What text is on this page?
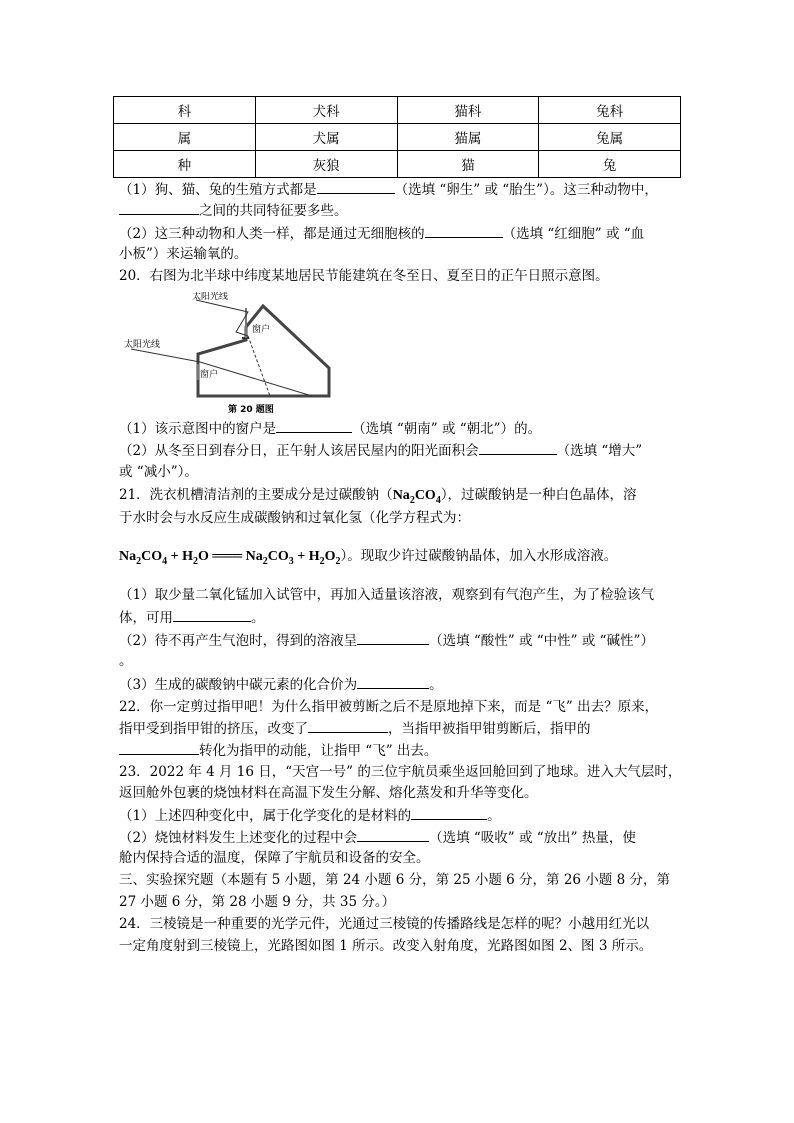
科	犬科	猫科	兔科
属	犬属	猫属	兔属
种	灰狼	猫	兔
（1）狗、猫、兔的生殖方式都是	（选填 “卵生” 或 “胎生”）。这三种动物中，
之间的共同特征要多些。
（2）这三种动物和人类一样，都是通过无细胞核的	（选填 “红细胞” 或 “血
小板”）来运输氧的。
20．右图为北半球中纬度某地居民节能建筑在冬至日、夏至日的正午日照示意图。
太阳光线
太阳光线
窗户
窗户
第 20 题图
（1）该示意图中的窗户是	（选填 “朝南” 或 “朝北”）的。
（2）从冬至日到春分日，正午射人该居民屋内的阳光面积会	（选填 “增大”
或 “减小”）。
21．洗衣机槽清洁剂的主要成分是过碳酸钠$(Na_2CO_4)$，过碳酸钠是一种白色晶体，溶
于水时会与水反应生成碳酸钠和过氧化氢（化学方程式为：
$Na_2CO_4 + H_2O$ ═══ $Na_2CO_3 + H_2O_2$）。现取少许过碳酸钠晶体，加入水形成溶液。
（1）取少量二氧化锰加入试管中，再加入适量该溶液，观察到有气泡产生，为了检验该气
体，可用	。
（2）待不再产生气泡时，得到的溶液呈	（选填 “酸性” 或 “中性” 或 “碱性”）
。
（3）生成的碳酸钠中碳元素的化合价为	。
22．你一定剪过指甲吧！为什么指甲被剪断之后不是原地掉下来，而是 “飞” 出去？原来，
指甲受到指甲钳的挤压，改变了	，当指甲被指甲钳剪断后，指甲的
转化为指甲的动能，让指甲 “飞” 出去。
23．2022 年 4 月 16 日，“天宫一号” 的三位宇航员乘坐返回舱回到了地球。进入大气层时，
返回舱外包裹的烧蚀材料在高温下发生分解、熔化蒸发和升华等变化。
（1）上述四种变化中，属于化学变化的是材料的	。
（2）烧蚀材料发生上述变化的过程中会	（选填 “吸收” 或 “放出” 热量，使
舱内保持合适的温度，保障了宇航员和设备的安全。
三、实验探究题（本题有 5 小题，第 24 小题 6 分，第 25 小题 6 分，第 26 小题 8 分，第
27 小题 6 分，第 28 小题 9 分，共 35 分。）
24．三棱镜是一种重要的光学元件，光通过三棱镜的传播路线是怎样的呢？小越用红光以
一定角度射到三棱镜上，光路图如图 1 所示。改变入射角度，光路图如图 2、图 3 所示。
